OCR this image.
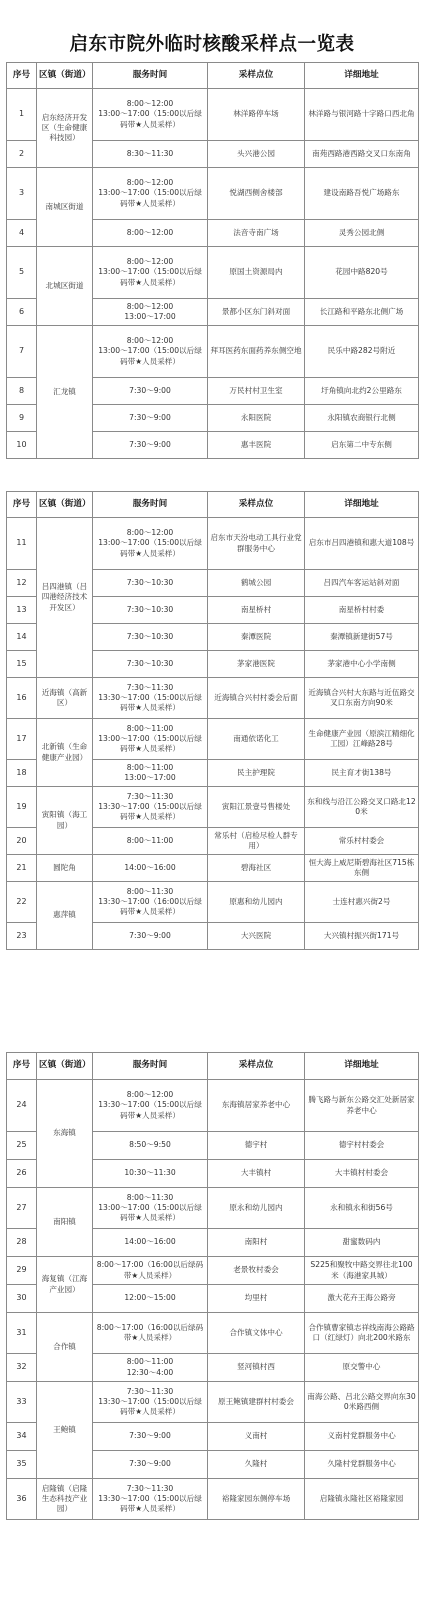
启东市院外临时核酸采样点一览表
序号	区镇（街道）	服务时间	采样点位	详细地址
1	启东经济开发区（生命健康科技园）	8:00～12:00
13:00～17:00（15:00以后绿码带★人员采样）	林洋路停车场	林洋路与银河路十字路口西北角
2		8:30～11:30	头兴港公园	南苑西路港西路交叉口东南角
3	南城区街道	8:00～12:00
13:00～17:00（15:00以后绿码带★人员采样）	悦湖西侧舍楼部	建设南路吾悦广场路东
4		8:00～12:00	法音寺南广场	灵秀公园北侧
5	北城区街道	8:00～12:00
13:00～17:00（15:00以后绿码带★人员采样）	原国土资源局内	花园中路820号
6		8:00～12:00
13:00～17:00	景都小区东门斜对面	长江路和平路东北侧广场
7	汇龙镇	8:00～12:00
13:00～17:00（15:00以后绿码带★人员采样）	拜耳医药东面药养东侧空地	民乐中路282号附近
8		7:30～9:00	万民村村卫生室	圩角镇向北约2公里路东
9		7:30～9:00	永阳医院	永阳镇农商银行北侧
10		7:30～9:00	惠丰医院	启东第二中专东侧
序号	区镇（街道）	服务时间	采样点位	详细地址
11	吕四港镇（吕四港经济技术开发区）	8:00～12:00
13:00～17:00（15:00以后绿码带★人员采样）	启东市天汾电动工具行业党群服务中心	启东市吕四港镇和惠大道108号
12		7:30～10:30	鹤城公园	吕四汽车客运站斜对面
13		7:30～10:30	南星桥村	南星桥村村委
14		7:30～10:30	秦潭医院	秦潭镇新建街57号
15		7:30～10:30	茅家港医院	茅家港中心小学南侧
16	近海镇（高新区）	7:30～11:30
13:30～17:00（15:00以后绿码带★人员采样）	近海镇合兴村村委会后面	近海镇合兴村大东路与近伍路交叉口东南方向90米
17	北新镇（生命健康产业园）	8:00～11:00
13:00～17:00（15:00以后绿码带★人员采样）	南通依诺化工	生命健康产业园（原滨江精细化工园）江峰路28号
18		8:00～11:00
13:00～17:00	民主护理院	民主育才街138号
19	寅阳镇（海工园）	7:30～11:30
13:30～17:00（15:00以后绿码带★人员采样）	寅阳江景壹号售楼处	东和线与沿江公路交叉口路北120米
20		8:00～11:00	常乐村（启检尽检人群专用）	常乐村村委会
21	圆陀角	14:00～16:00	碧海社区	恒大海上威尼斯碧海社区715栋东侧
22	惠萍镇	8:00～11:30
13:30～17:00（16:00以后绿码带★人员采样）	原惠和幼儿园内	士连村惠兴街2号
23		7:30～9:00	大兴医院	大兴镇村振兴街171号
序号	区镇（街道）	服务时间	采样点位	详细地址
24	东海镇	8:00～12:00
13:30～17:00（15:00以后绿码带★人员采样）	东海镇居家养老中心	腾飞路与新东公路交汇处新居家养老中心
25		8:50～9:50	德宇村	德宇村村委会
26		10:30～11:30	大丰镇村	大丰镇村村委会
27	南阳镇	8:00～11:30
13:00～17:00（15:00以后绿码带★人员采样）	原永和幼儿园内	永和镇永和街56号
28		14:00～16:00	南阳村	甜蜜数码内
29	海复镇（江海产业园）	8:00～17:00（16:00以后绿码带★人员采样）	老景牧村委会	S225和聚牧中路交界往北100米（海港家具城）
30		12:00～15:00	均里村	激大花卉王海公路旁
31	合作镇	8:00～17:00（16:00以后绿码带★人员采样）	合作镇文体中心	合作镇曹家镇志祥线南海公路路口（红绿灯）向北200米路东
32		8:00～11:00
12:30～4:00	竖河镇村西	原交警中心
33	王鲍镇	7:30～11:30
13:30～17:00（15:00以后绿码带★人员采样）	原王鲍镇建群村村委会	南海公路、吕北公路交界向东300米路西侧
34		7:30～9:00	义南村	义南村党群服务中心
35		7:30～9:00	久隆村	久隆村党群服务中心
36	启隆镇（启隆生态科技产业园）	7:30～11:30
13:30～17:00（15:00以后绿码带★人员采样）	裕隆家园东侧停车场	启隆镇永隆社区裕隆家园
